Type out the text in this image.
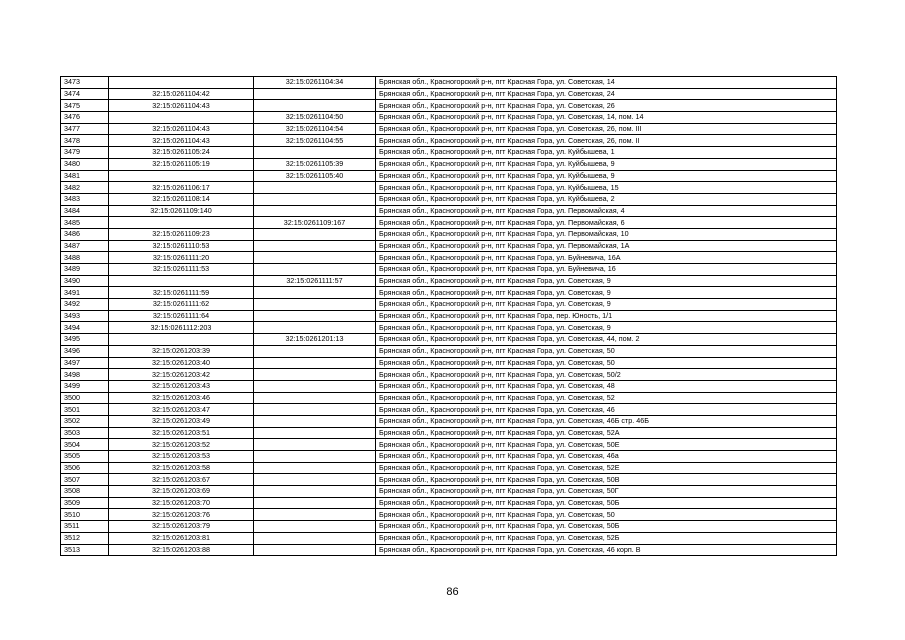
3473		32:15:0261104:34	Брянская обл., Красногорский р-н, пгт Красная Гора, ул. Советская, 14
3474	32:15:0261104:42		Брянская обл., Красногорский р-н, пгт Красная Гора, ул. Советская, 24
3475	32:15:0261104:43		Брянская обл., Красногорский р-н, пгт Красная Гора, ул. Советская, 26
3476		32:15:0261104:50	Брянская обл., Красногорский р-н, пгт Красная Гора, ул. Советская, 14, пом. 14
3477	32:15:0261104:43	32:15:0261104:54	Брянская обл., Красногорский р-н, пгт Красная Гора, ул. Советская, 26, пом. III
3478	32:15:0261104:43	32:15:0261104:55	Брянская обл., Красногорский р-н, пгт Красная Гора, ул. Советская, 26, пом. II
3479	32:15:0261105:24		Брянская обл., Красногорский р-н, пгт Красная Гора, ул. Куйбышева, 1
3480	32:15:0261105:19	32:15:0261105:39	Брянская обл., Красногорский р-н, пгт Красная Гора, ул. Куйбышева, 9
3481		32:15:0261105:40	Брянская обл., Красногорский р-н, пгт Красная Гора, ул. Куйбышева, 9
3482	32:15:0261106:17		Брянская обл., Красногорский р-н, пгт Красная Гора, ул. Куйбышева, 15
3483	32:15:0261108:14		Брянская обл., Красногорский р-н, пгт Красная Гора, ул. Куйбышева, 2
3484	32:15:0261109:140		Брянская обл., Красногорский р-н, пгт Красная Гора, ул. Первомайская, 4
3485		32:15:0261109:167	Брянская обл., Красногорский р-н, пгт Красная Гора, ул. Первомайская, 6
3486	32:15:0261109:23		Брянская обл., Красногорский р-н, пгт Красная Гора, ул. Первомайская, 10
3487	32:15:0261110:53		Брянская обл., Красногорский р-н, пгт Красная Гора, ул. Первомайская, 1А
3488	32:15:0261111:20		Брянская обл., Красногорский р-н, пгт Красная Гора, ул. Буйневича, 16А
3489	32:15:0261111:53		Брянская обл., Красногорский р-н, пгт Красная Гора, ул. Буйневича, 16
3490		32:15:0261111:57	Брянская обл., Красногорский р-н, пгт Красная Гора, ул. Советская, 9
3491	32:15:0261111:59		Брянская обл., Красногорский р-н, пгт Красная Гора, ул. Советская, 9
3492	32:15:0261111:62		Брянская обл., Красногорский р-н, пгт Красная Гора, ул. Советская, 9
3493	32:15:0261111:64		Брянская обл., Красногорский р-н, пгт Красная Гора, пер. Юность, 1/1
3494	32:15:0261112:203		Брянская обл., Красногорский р-н, пгт Красная Гора, ул. Советская, 9
3495		32:15:0261201:13	Брянская обл., Красногорский р-н, пгт Красная Гора, ул. Советская, 44, пом. 2
3496	32:15:0261203:39		Брянская обл., Красногорский р-н, пгт Красная Гора, ул. Советская, 50
3497	32:15:0261203:40		Брянская обл., Красногорский р-н, пгт Красная Гора, ул. Советская, 50
3498	32:15:0261203:42		Брянская обл., Красногорский р-н, пгт Красная Гора, ул. Советская, 50/2
3499	32:15:0261203:43		Брянская обл., Красногорский р-н, пгт Красная Гора, ул. Советская, 48
3500	32:15:0261203:46		Брянская обл., Красногорский р-н, пгт Красная Гора, ул. Советская, 52
3501	32:15:0261203:47		Брянская обл., Красногорский р-н, пгт Красная Гора, ул. Советская, 46
3502	32:15:0261203:49		Брянская обл., Красногорский р-н, пгт Красная Гора, ул. Советская, 46Б стр. 46Б
3503	32:15:0261203:51		Брянская обл., Красногорский р-н, пгт Красная Гора, ул. Советская, 52А
3504	32:15:0261203:52		Брянская обл., Красногорский р-н, пгт Красная Гора, ул. Советская, 50Е
3505	32:15:0261203:53		Брянская обл., Красногорский р-н, пгт Красная Гора, ул. Советская, 46а
3506	32:15:0261203:58		Брянская обл., Красногорский р-н, пгт Красная Гора, ул. Советская, 52Е
3507	32:15:0261203:67		Брянская обл., Красногорский р-н, пгт Красная Гора, ул. Советская, 50В
3508	32:15:0261203:69		Брянская обл., Красногорский р-н, пгт Красная Гора, ул. Советская, 50Г
3509	32:15:0261203:70		Брянская обл., Красногорский р-н, пгт Красная Гора, ул. Советская, 50Б
3510	32:15:0261203:76		Брянская обл., Красногорский р-н, пгт Красная Гора, ул. Советская, 50
3511	32:15:0261203:79		Брянская обл., Красногорский р-н, пгт Красная Гора, ул. Советская, 50Б
3512	32:15:0261203:81		Брянская обл., Красногорский р-н, пгт Красная Гора, ул. Советская, 52Б
3513	32:15:0261203:88		Брянская обл., Красногорский р-н, пгт Красная Гора, ул. Советская, 46 корп. В
86
